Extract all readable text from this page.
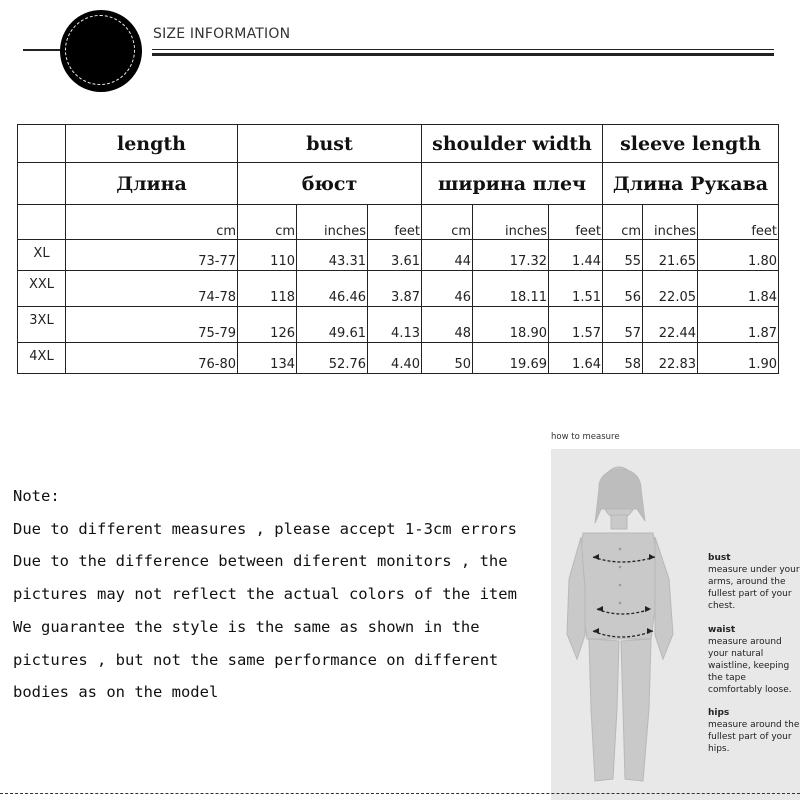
SIZE INFORMATION
	length	bust			shoulder width			sleeve length		
	Длина	бюст			ширина плеч			Длина Рукава		
	cm	cm	inches	feet	cm	inches	feet	cm	inches	feet
XL	73-77	110	43.31	3.61	44	17.32	1.44	55	21.65	1.80
XXL	74-78	118	46.46	3.87	46	18.11	1.51	56	22.05	1.84
3XL	75-79	126	49.61	4.13	48	18.90	1.57	57	22.44	1.87
4XL	76-80	134	52.76	4.40	50	19.69	1.64	58	22.83	1.90
Note:
Due to different measures , please accept 1-3cm errors
Due to the difference between diferent monitors , the
pictures may not reflect the actual colors of the item
We guarantee the style is the same as shown in the
pictures , but not the same performance on different
bodies as on the model
how to measure
bust
measure under your arms, around the fullest part of your chest.
waist
measure around your natural waistline, keeping the tape comfortably loose.
hips
measure around the fullest part of your hips.
